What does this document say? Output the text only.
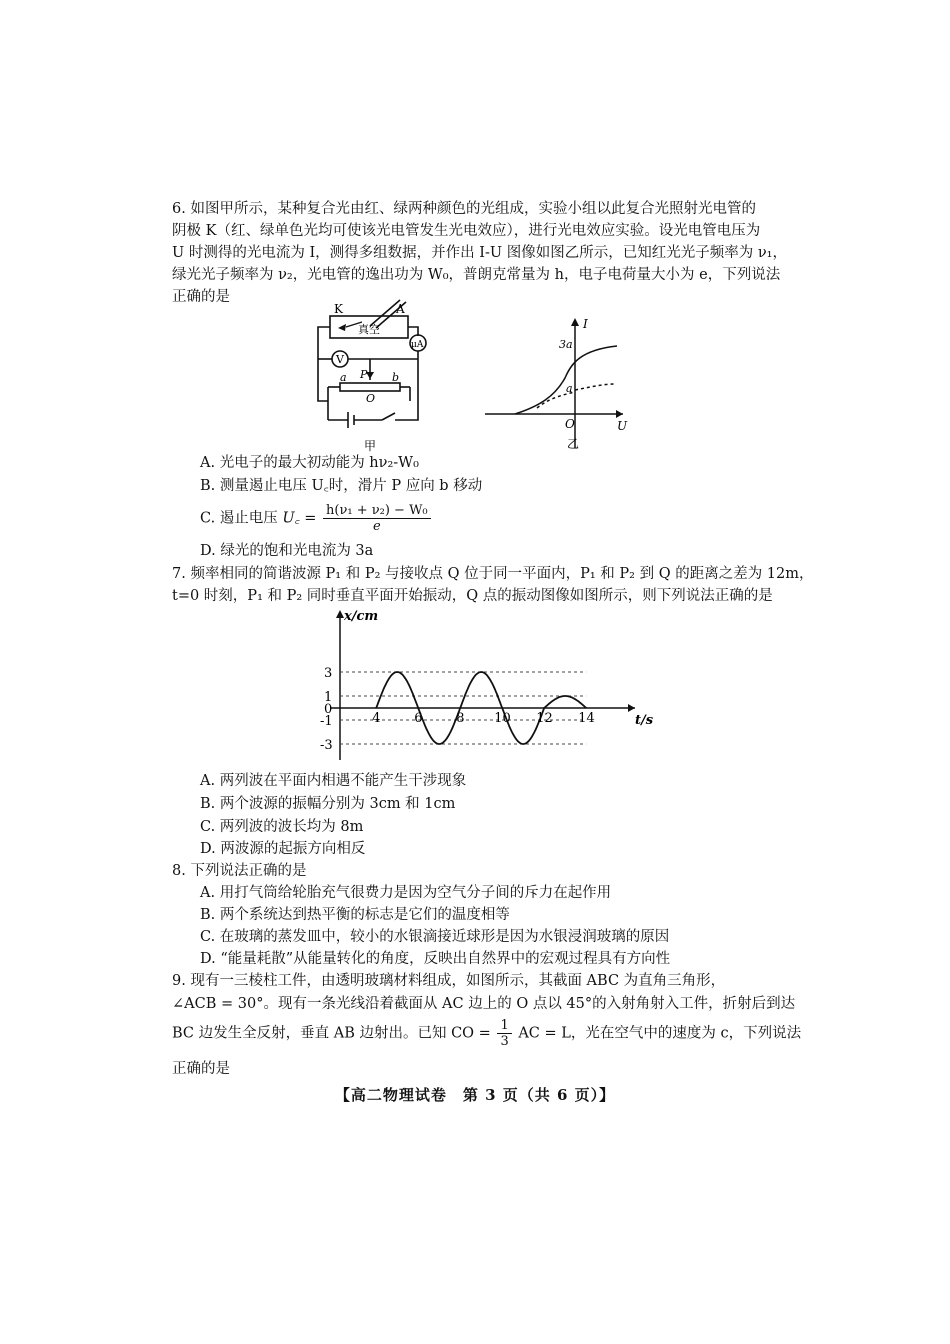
6. 如图甲所示，某种复合光由红、绿两种颜色的光组成，实验小组以此复合光照射光电管的
阴极 K（红、绿单色光均可使该光电管发生光电效应），进行光电效应实验。设光电管电压为
U 时测得的光电流为 I，测得多组数据，并作出 I-U 图像如图乙所示，已知红光光子频率为 ν₁，
绿光光子频率为 ν₂，光电管的逸出功为 W₀，普朗克常量为 h，电子电荷量大小为 e，下列说法
正确的是
K	A
真空
μA
V
P
a	b
O
甲
I
U
O
3a
a
乙
A. 光电子的最大初动能为 hν₂-W₀
B. 测量遏止电压 U꜀时，滑片 P 应向 b 移动
C. 遏止电压 U꜀ = $\frac{\text{h(ν₁ + ν₂) − W₀}}{e}$
D. 绿光的饱和光电流为 3a
7. 频率相同的简谐波源 P₁ 和 P₂ 与接收点 Q 位于同一平面内，P₁ 和 P₂ 到 Q 的距离之差为 12m，
t=0 时刻，P₁ 和 P₂ 同时垂直平面开始振动，Q 点的振动图像如图所示，则下列说法正确的是
3
1
0
-1
-3
4	6	8 10 12 14
x/cm
t/s
A. 两列波在平面内相遇不能产生干涉现象
B. 两个波源的振幅分别为 3cm 和 1cm
C. 两列波的波长均为 8m
D. 两波源的起振方向相反
8. 下列说法正确的是
A. 用打气筒给轮胎充气很费力是因为空气分子间的斥力在起作用
B. 两个系统达到热平衡的标志是它们的温度相等
C. 在玻璃的蒸发皿中，较小的水银滴接近球形是因为水银浸润玻璃的原因
D. “能量耗散”从能量转化的角度，反映出自然界中的宏观过程具有方向性
9. 现有一三棱柱工件，由透明玻璃材料组成，如图所示，其截面 ABC 为直角三角形，
∠ACB = 30°。现有一条光线沿着截面从 AC 边上的 O 点以 45°的入射角射入工件，折射后到达
BC 边发生全反射，垂直 AB 边射出。已知 CO = $\frac{1}{3}$ AC = L，光在空气中的速度为 c，下列说法
正确的是
【高二物理试卷　第 3 页（共 6 页）】
